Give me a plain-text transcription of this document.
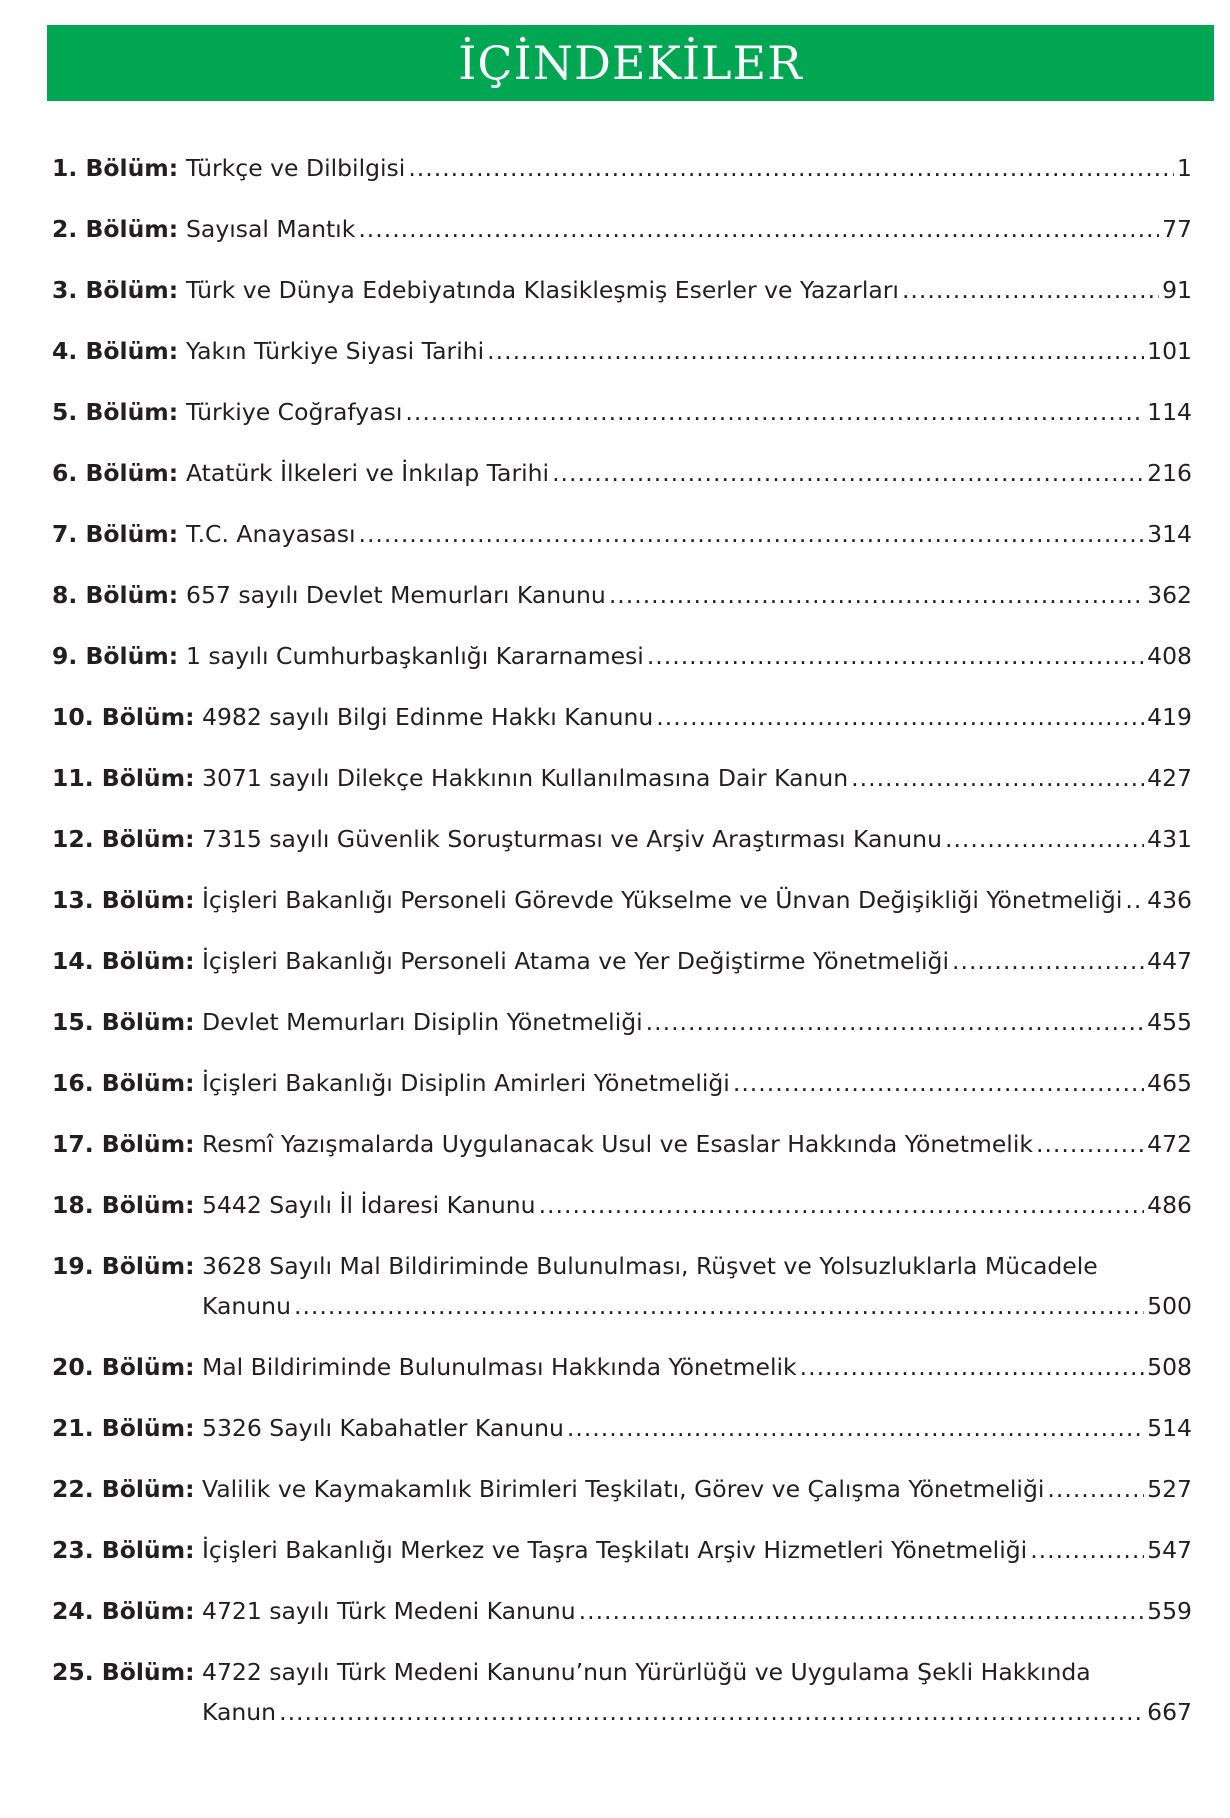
İÇİNDEKİLER
1. Bölüm: Türkçe ve Dilbilgisi .....	1
2. Bölüm: Sayısal Mantık .....	77
3. Bölüm: Türk ve Dünya Edebiyatında Klasikleşmiş Eserler ve Yazarları .....	91
4. Bölüm: Yakın Türkiye Siyasi Tarihi .....	101
5. Bölüm: Türkiye Coğrafyası .....	114
6. Bölüm: Atatürk İlkeleri ve İnkılap Tarihi .....	216
7. Bölüm: T.C. Anayasası .....	314
8. Bölüm: 657 sayılı Devlet Memurları Kanunu .....	362
9. Bölüm: 1 sayılı Cumhurbaşkanlığı Kararnamesi .....	408
10. Bölüm: 4982 sayılı Bilgi Edinme Hakkı Kanunu .....	419
11. Bölüm: 3071 sayılı Dilekçe Hakkının Kullanılmasına Dair Kanun .....	427
12. Bölüm: 7315 sayılı Güvenlik Soruşturması ve Arşiv Araştırması Kanunu .....	431
13. Bölüm: İçişleri Bakanlığı Personeli Görevde Yükselme ve Ünvan Değişikliği Yönetmeliği ..... 436
14. Bölüm: İçişleri Bakanlığı Personeli Atama ve Yer Değiştirme Yönetmeliği .....	447
15. Bölüm: Devlet Memurları Disiplin Yönetmeliği .....	455
16. Bölüm: İçişleri Bakanlığı Disiplin Amirleri Yönetmeliği .....	465
17. Bölüm: Resmî Yazışmalarda Uygulanacak Usul ve Esaslar Hakkında Yönetmelik .....	472
18. Bölüm: 5442 Sayılı İl İdaresi Kanunu .....	486
19. Bölüm: 3628 Sayılı Mal Bildiriminde Bulunulması, Rüşvet ve Yolsuzluklarla Mücadele
Kanunu .....	500
20. Bölüm: Mal Bildiriminde Bulunulması Hakkında Yönetmelik .....	508
21. Bölüm: 5326 Sayılı Kabahatler Kanunu .....	514
22. Bölüm: Valilik ve Kaymakamlık Birimleri Teşkilatı, Görev ve Çalışma Yönetmeliği .....	527
23. Bölüm: İçişleri Bakanlığı Merkez ve Taşra Teşkilatı Arşiv Hizmetleri Yönetmeliği .....	547
24. Bölüm: 4721 sayılı Türk Medeni Kanunu .....	559
25. Bölüm: 4722 sayılı Türk Medeni Kanunu’nun Yürürlüğü ve Uygulama Şekli Hakkında
Kanun .....	667
